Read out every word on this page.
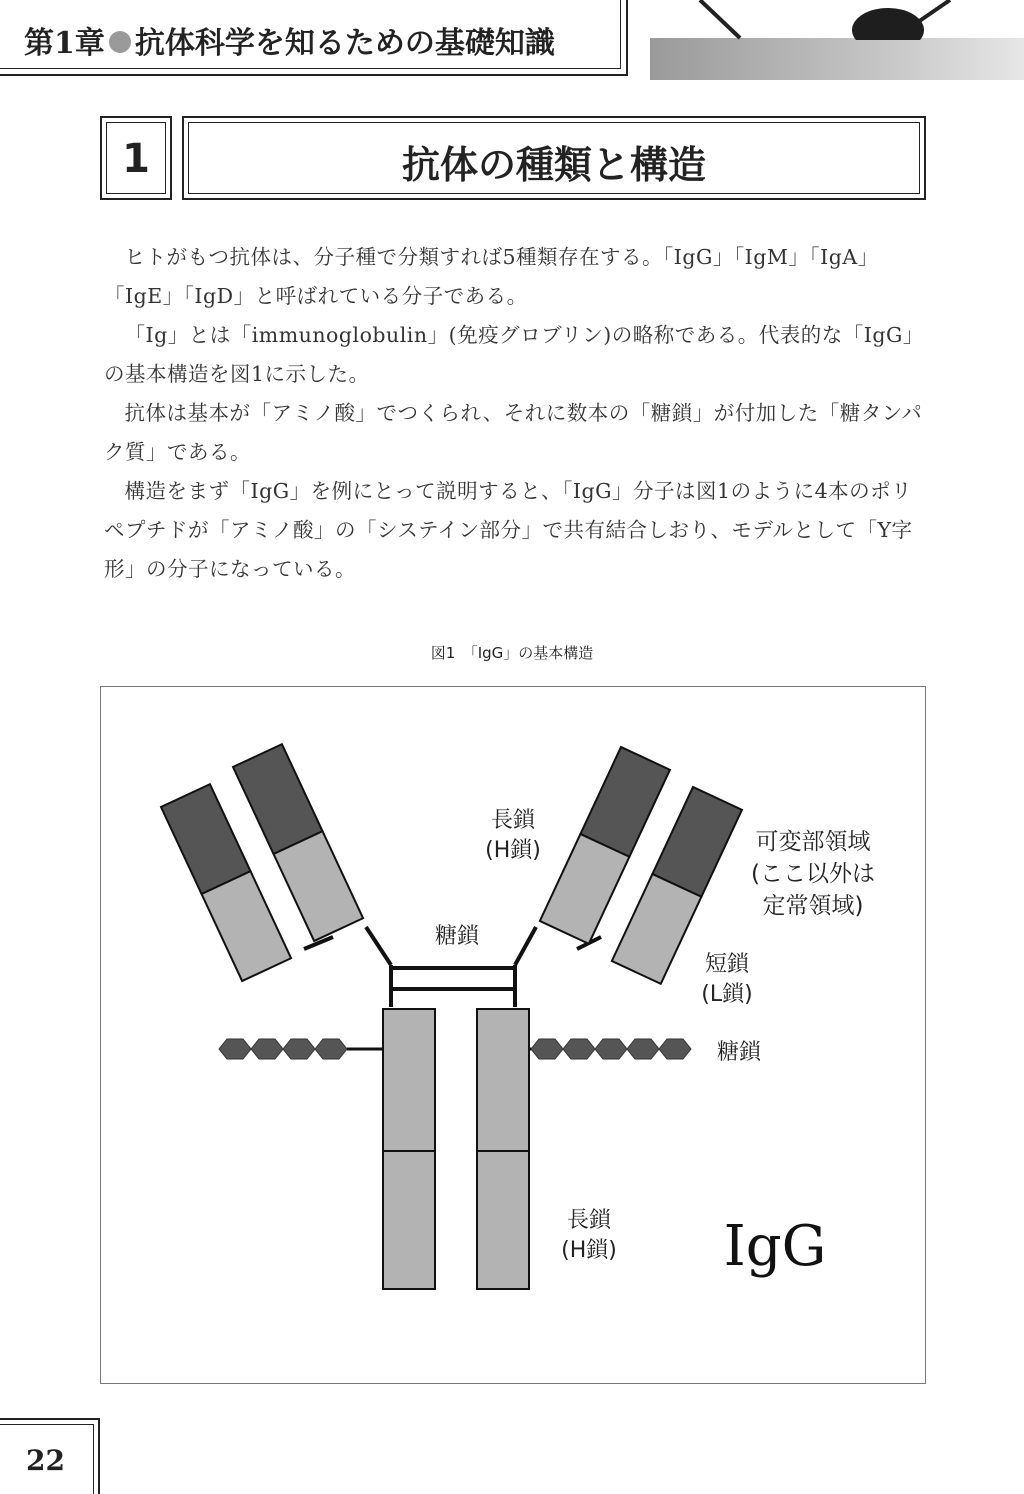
第1章 抗体科学を知るための基礎知識
1	抗体の種類と構造

ヒトがもつ抗体は、分子種で分類すれば5種類存在する。「IgG」「IgM」「IgA」「IgE」「IgD」と呼ばれている分子である。

「Ig」とは「immunoglobulin」(免疫グロブリン)の略称である。代表的な「IgG」の基本構造を図1に示した。

抗体は基本が「アミノ酸」でつくられ、それに数本の「糖鎖」が付加した「糖タンパク質」である。

構造をまず「IgG」を例にとって説明すると、「IgG」分子は図1のように4本のポリペプチドが「アミノ酸」の「システイン部分」で共有結合しおり、モデルとして「Y字形」の分子になっている。

図1　「IgG」の基本構造
長鎖
(H鎖)	可変部領域
(ここ以外は
定常領域)
糖鎖
短鎖
(L鎖)
糖鎖
長鎖
(H鎖) IgG
22
